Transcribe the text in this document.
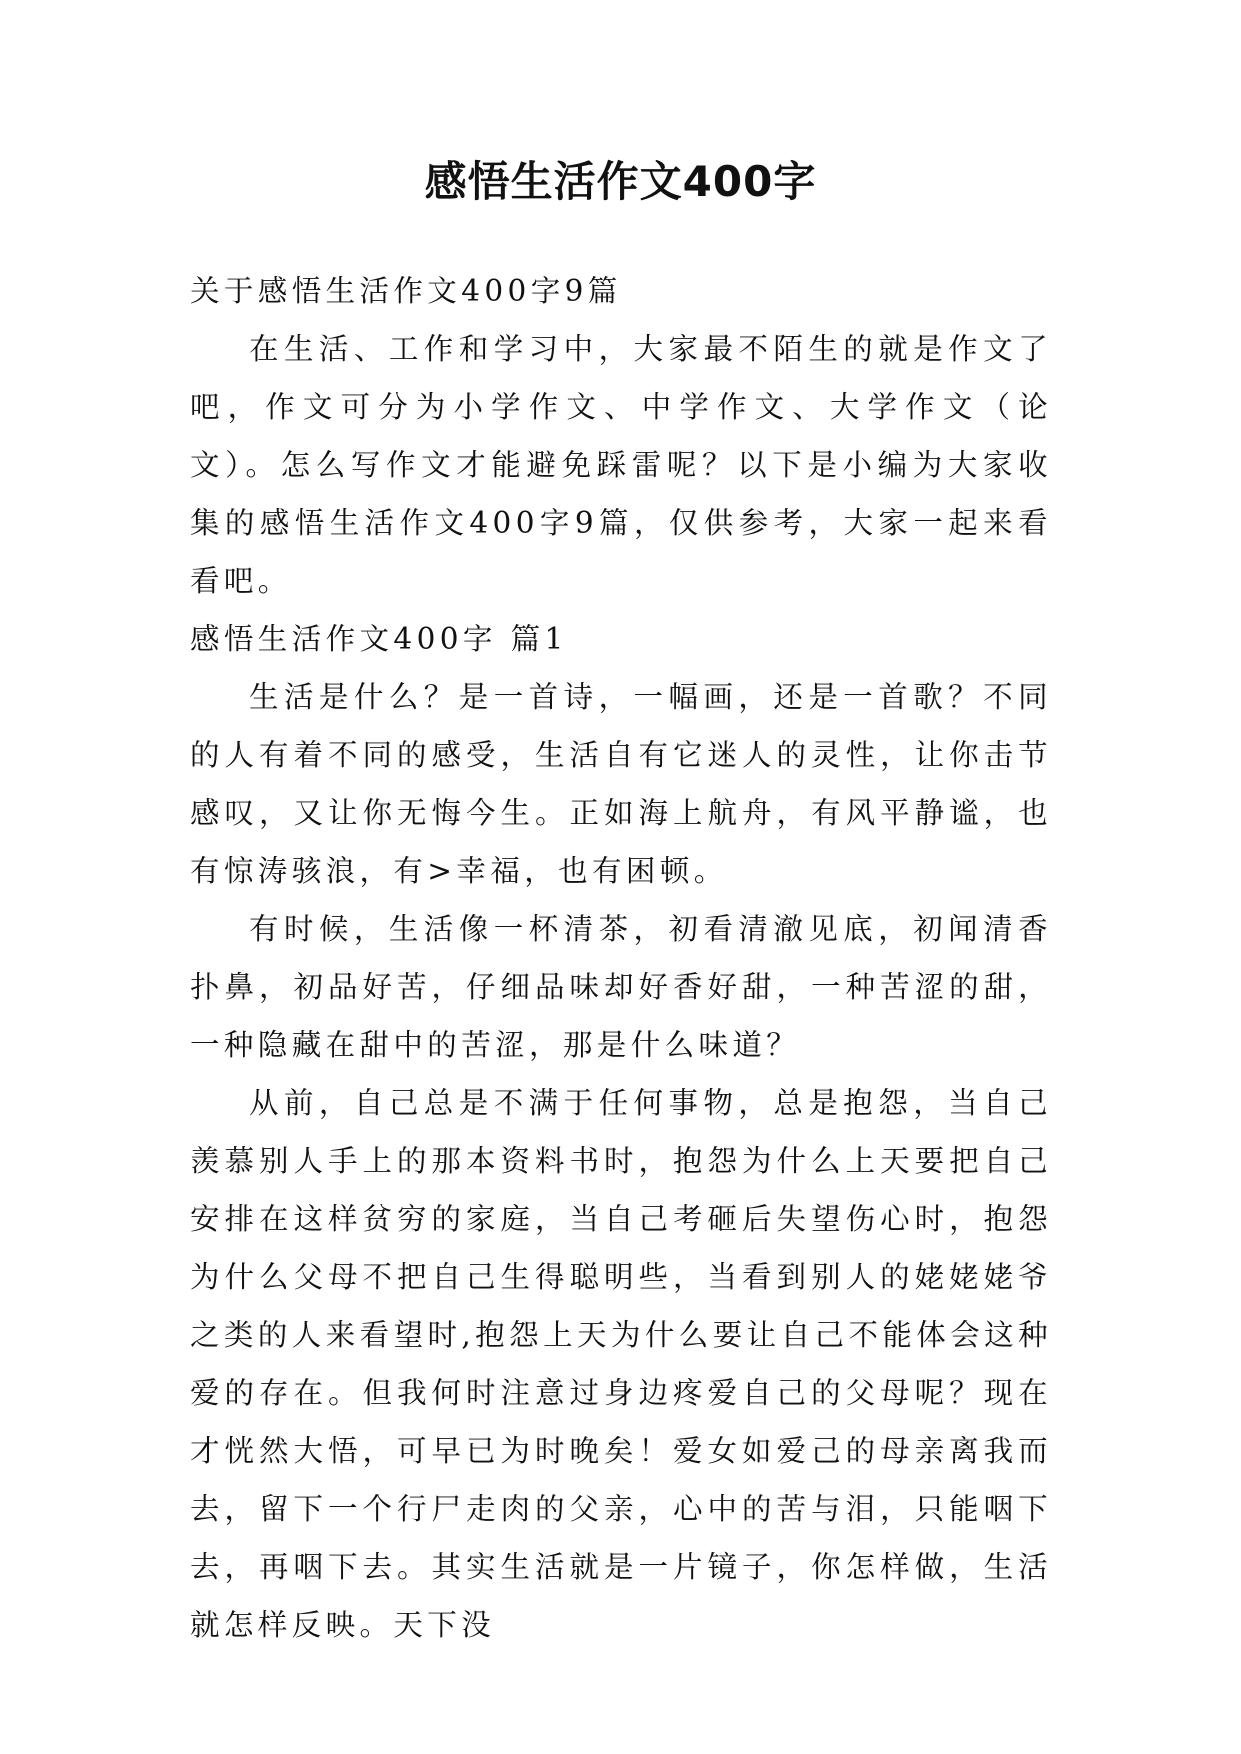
感悟生活作文400字

关于感悟生活作文400字9篇

在生活、工作和学习中，大家最不陌生的就是作文了吧，作文可分为小学作文、中学作文、大学作文（论文）。怎么写作文才能避免踩雷呢？以下是小编为大家收集的感悟生活作文400字9篇，仅供参考，大家一起来看看吧。

感悟生活作文400字 篇1

生活是什么？是一首诗，一幅画，还是一首歌？不同的人有着不同的感受，生活自有它迷人的灵性，让你击节感叹，又让你无悔今生。正如海上航舟，有风平静谧，也有惊涛骇浪，有>幸福，也有困顿。

有时候，生活像一杯清茶，初看清澈见底，初闻清香扑鼻，初品好苦，仔细品味却好香好甜，一种苦涩的甜，一种隐藏在甜中的苦涩，那是什么味道？

从前，自己总是不满于任何事物，总是抱怨，当自己羡慕别人手上的那本资料书时，抱怨为什么上天要把自己安排在这样贫穷的家庭，当自己考砸后失望伤心时，抱怨为什么父母不把自己生得聪明些，当看到别人的姥姥姥爷之类的人来看望时,抱怨上天为什么要让自己不能体会这种爱的存在。但我何时注意过身边疼爱自己的父母呢？现在才恍然大悟，可早已为时晚矣！爱女如爱己的母亲离我而去，留下一个行尸走肉的父亲，心中的苦与泪，只能咽下去，再咽下去。其实生活就是一片镜子，你怎样做，生活就怎样反映。天下没
